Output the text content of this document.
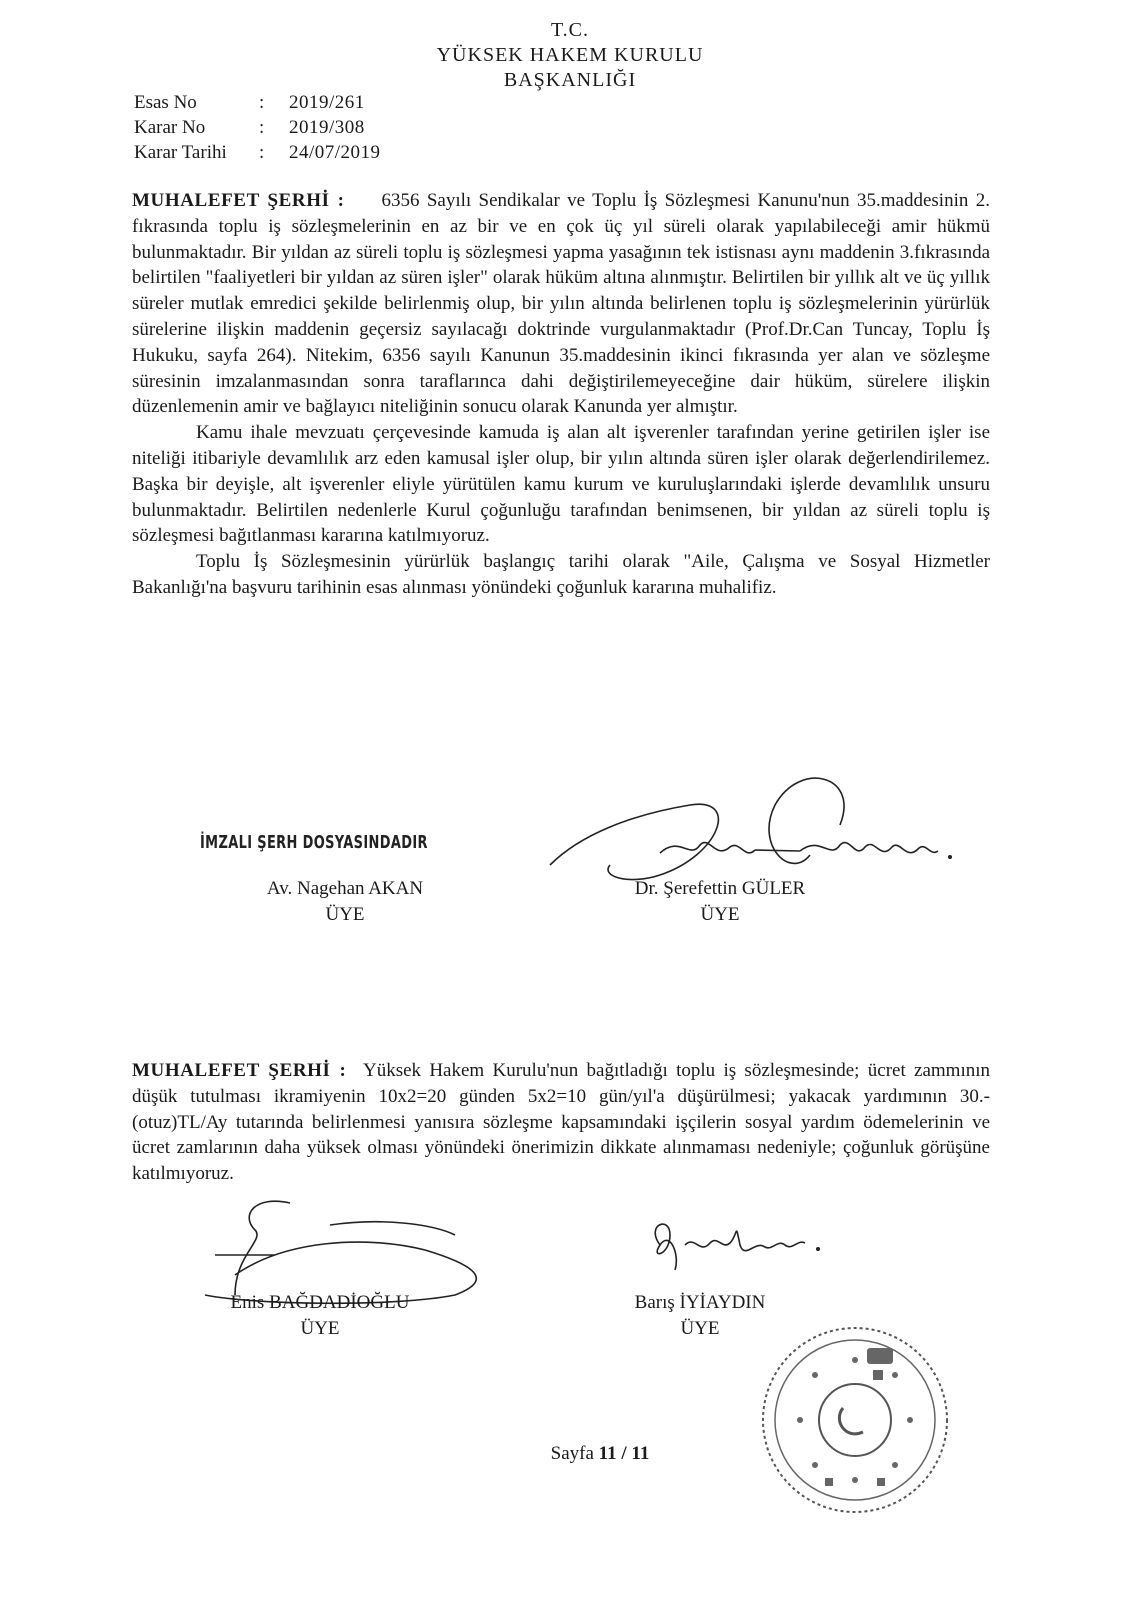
T.C.
YÜKSEK HAKEM KURULU
BAŞKANLIĞI
Esas No	:	2019/261
Karar No	:	2019/308
Karar Tarihi	:	24/07/2019

MUHALEFET ŞERHİ : 6356 Sayılı Sendikalar ve Toplu İş Sözleşmesi Kanunu'nun 35.maddesinin 2. fıkrasında toplu iş sözleşmelerinin en az bir ve en çok üç yıl süreli olarak yapılabileceği amir hükmü bulunmaktadır. Bir yıldan az süreli toplu iş sözleşmesi yapma yasağının tek istisnası aynı maddenin 3.fıkrasında belirtilen "faaliyetleri bir yıldan az süren işler" olarak hüküm altına alınmıştır. Belirtilen bir yıllık alt ve üç yıllık süreler mutlak emredici şekilde belirlenmiş olup, bir yılın altında belirlenen toplu iş sözleşmelerinin yürürlük sürelerine ilişkin maddenin geçersiz sayılacağı doktrinde vurgulanmaktadır (Prof.Dr.Can Tuncay, Toplu İş Hukuku, sayfa 264). Nitekim, 6356 sayılı Kanunun 35.maddesinin ikinci fıkrasında yer alan ve sözleşme süresinin imzalanmasından sonra taraflarınca dahi değiştirilemeyeceğine dair hüküm, sürelere ilişkin düzenlemenin amir ve bağlayıcı niteliğinin sonucu olarak Kanunda yer almıştır.

Kamu ihale mevzuatı çerçevesinde kamuda iş alan alt işverenler tarafından yerine getirilen işler ise niteliği itibariyle devamlılık arz eden kamusal işler olup, bir yılın altında süren işler olarak değerlendirilemez. Başka bir deyişle, alt işverenler eliyle yürütülen kamu kurum ve kuruluşlarındaki işlerde devamlılık unsuru bulunmaktadır. Belirtilen nedenlerle Kurul çoğunluğu tarafından benimsenen, bir yıldan az süreli toplu iş sözleşmesi bağıtlanması kararına katılmıyoruz.

Toplu İş Sözleşmesinin yürürlük başlangıç tarihi olarak "Aile, Çalışma ve Sosyal Hizmetler Bakanlığı'na başvuru tarihinin esas alınması yönündeki çoğunluk kararına muhalifiz.

İMZALI ŞERH DOSYASINDADIR
Av. Nagehan AKAN
ÜYE
Dr. Şerefettin GÜLER
ÜYE

MUHALEFET ŞERHİ : Yüksek Hakem Kurulu'nun bağıtladığı toplu iş sözleşmesinde; ücret zammının düşük tutulması ikramiyenin 10x2=20 günden 5x2=10 gün/yıl'a düşürülmesi; yakacak yardımının 30.-(otuz)TL/Ay tutarında belirlenmesi yanısıra sözleşme kapsamındaki işçilerin sosyal yardım ödemelerinin ve ücret zamlarının daha yüksek olması yönündeki önerimizin dikkate alınmaması nedeniyle; çoğunluk görüşüne katılmıyoruz.

Enis BAĞDADİOĞLU
ÜYE
Barış İYİAYDIN
ÜYE
Sayfa 11 / 11
